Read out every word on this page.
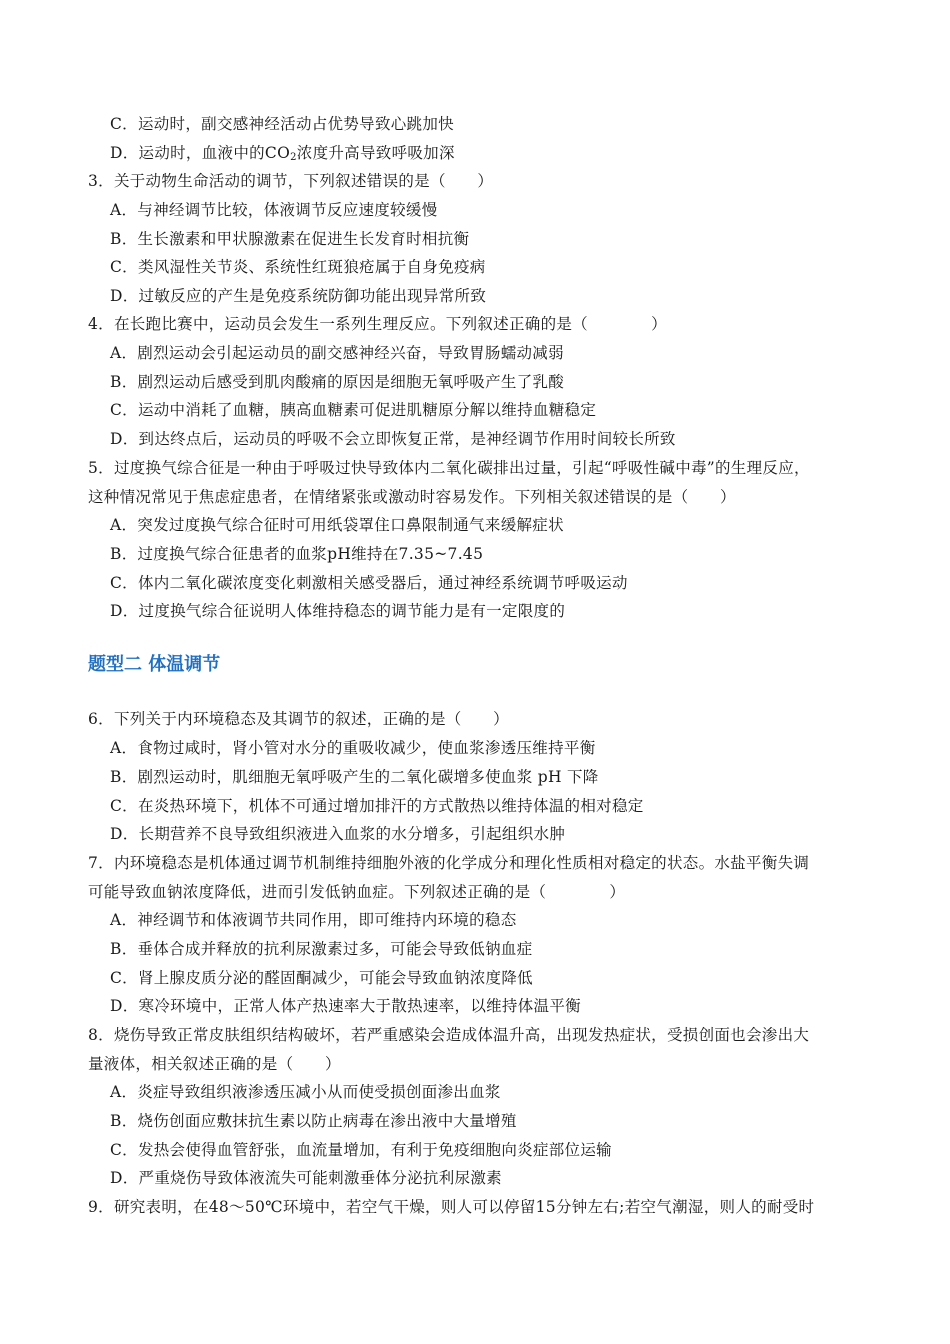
C．运动时，副交感神经活动占优势导致心跳加快
D．运动时，血液中的$CO_2$浓度升高导致呼吸加深
3．关于动物生命活动的调节，下列叙述错误的是（　　）
A．与神经调节比较，体液调节反应速度较缓慢
B．生长激素和甲状腺激素在促进生长发育时相抗衡
C．类风湿性关节炎、系统性红斑狼疮属于自身免疫病
D．过敏反应的产生是免疫系统防御功能出现异常所致
4．在长跑比赛中，运动员会发生一系列生理反应。下列叙述正确的是（　　　　）
A．剧烈运动会引起运动员的副交感神经兴奋，导致胃肠蠕动减弱
B．剧烈运动后感受到肌肉酸痛的原因是细胞无氧呼吸产生了乳酸
C．运动中消耗了血糖，胰高血糖素可促进肌糖原分解以维持血糖稳定
D．到达终点后，运动员的呼吸不会立即恢复正常，是神经调节作用时间较长所致
5．过度换气综合征是一种由于呼吸过快导致体内二氧化碳排出过量，引起“呼吸性碱中毒”的生理反应，
这种情况常见于焦虑症患者，在情绪紧张或激动时容易发作。下列相关叙述错误的是（　　）
A．突发过度换气综合征时可用纸袋罩住口鼻限制通气来缓解症状
B．过度换气综合征患者的血浆pH维持在7.35~7.45
C．体内二氧化碳浓度变化刺激相关感受器后，通过神经系统调节呼吸运动
D．过度换气综合征说明人体维持稳态的调节能力是有一定限度的
题型二 体温调节
6．下列关于内环境稳态及其调节的叙述，正确的是（　　）
A．食物过咸时，肾小管对水分的重吸收减少，使血浆渗透压维持平衡
B．剧烈运动时，肌细胞无氧呼吸产生的二氧化碳增多使血浆 pH 下降
C．在炎热环境下，机体不可通过增加排汗的方式散热以维持体温的相对稳定
D．长期营养不良导致组织液进入血浆的水分增多，引起组织水肿
7．内环境稳态是机体通过调节机制维持细胞外液的化学成分和理化性质相对稳定的状态。水盐平衡失调
可能导致血钠浓度降低，进而引发低钠血症。下列叙述正确的是（　　　　）
A．神经调节和体液调节共同作用，即可维持内环境的稳态
B．垂体合成并释放的抗利尿激素过多，可能会导致低钠血症
C．肾上腺皮质分泌的醛固酮减少，可能会导致血钠浓度降低
D．寒冷环境中，正常人体产热速率大于散热速率，以维持体温平衡
8．烧伤导致正常皮肤组织结构破坏，若严重感染会造成体温升高，出现发热症状，受损创面也会渗出大
量液体，相关叙述正确的是（　　）
A．炎症导致组织液渗透压减小从而使受损创面渗出血浆
B．烧伤创面应敷抹抗生素以防止病毒在渗出液中大量增殖
C．发热会使得血管舒张，血流量增加，有利于免疫细胞向炎症部位运输
D．严重烧伤导致体液流失可能刺激垂体分泌抗利尿激素
9．研究表明，在48～50℃环境中，若空气干燥，则人可以停留15分钟左右;若空气潮湿，则人的耐受时
